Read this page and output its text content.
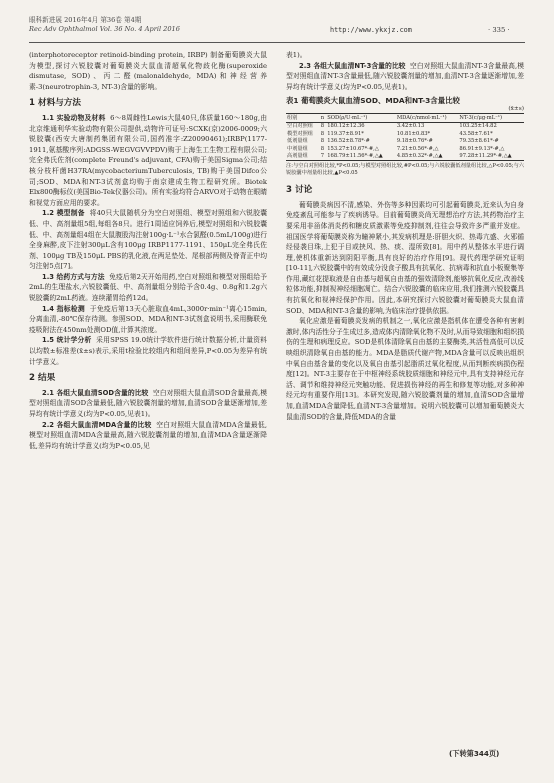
眼科新进展 2016年4月 第36卷 第4期
Rec Adv Ophthalmol Vol. 36 No. 4 April 2016	http://www.ykxjz.com	· 335 ·

(interphotoreceptor retinoid-binding protein, IRBP) 制备葡萄膜炎大鼠为模型,探讨六锐胶囊对葡萄膜炎大鼠血清超氧化物歧化酶(superoxide dismutase, SOD)、丙二醛(malonaldehyde, MDA)和神经营养素-3(neurotrophin-3, NT-3)含量的影响。

1 材料与方法

1.1 实验动物及材料 6～8周雌性Lewis大鼠40只,体质量160～180g,由北京维通利华实验动物有限公司提供,动物许可证号:SCXK(京)2006-0009;六锐胶囊(西安大唐制药集团有限公司,国药准字:Z20090461);IRBP(1177-1911,氨基酸序列:ADGSS-WEGVGVVPDV)购于上海生工生物工程有限公司;完全弗氏佐剂(complete Freund's adjuvant, CFA)购于美国Sigma公司;结核分枝杆菌H37RA(mycobacteriumTuberculosis, TB)购于美国Difco公司;SOD、MDA和NT-3试剂盒均购于南京建成生物工程研究所。Biotek Elx800酶标仪(美国Bio-Tek仪器公司)。所有实验均符合ARVO对于动物在眼睛和视觉方面应用的要求。

1.2 模型制备 将40只大鼠随机分为空白对照组、模型对照组和六锐胶囊低、中、高剂量组5组,每组各8只。进行1周适应饲养后,模型对照组和六锐胶囊低、中、高剂量组4组在大鼠腹股沟注射100g·L⁻¹水合氯醛(0.5mL/100g)进行全身麻醉,皮下注射300μL含有100μg IRBP1177-1191、150μL完全弗氏佐剂、100μg TB及150μL PBS的乳化液,在两足垫处、尾根部两侧及脊背正中均匀注射5点[7]。

1.3 给药方式与方法 免疫后第2天开始用药,空白对照组和模型对照组给予2mL的生理盐水,六锐胶囊低、中、高剂量组分别给予含0.4g、0.8g和1.2g六锐胶囊的2mL药液。连续灌胃给药12d。

1.4 指标检测 于免疫后第13天心脏取血4mL,3000r·min⁻¹离心15min,分离血清,-80℃保存待测。参照SOD、MDA和NT-3试剂盒说明书,采用酶联免疫吸附法在450nm处测OD值,计算其浓度。

1.5 统计学分析 采用SPSS 19.0统计学软件进行统计数据分析,计量资料以均数±标准差(x̄±s)表示,采用t检验比较组内和组间差异,P<0.05为差异有统计学意义。

2 结果

2.1 各组大鼠血清SOD含量的比较 空白对照组大鼠血清SOD含量最高,模型对照组血清SOD含量最低,随六锐胶囊剂量的增加,血清SOD含量逐渐增加,差异均有统计学意义(均为P<0.05,见表1)。

2.2 各组大鼠血清MDA含量的比较 空白对照组大鼠血清MDA含量最低,模型对照组血清MDA含量最高,随六锐胶囊剂量的增加,血清MDA含量逐渐降低,差异均有统计学意义(均为P<0.05,见

表1)。

2.3 各组大鼠血清NT-3含量的比较 空白对照组大鼠血清NT-3含量最高,模型对照组血清NT-3含量最低,随六锐胶囊剂量的增加,血清NT-3含量逐渐增加,差异均有统计学意义(均为P<0.05,见表1)。

表1 葡萄膜炎大鼠血清SOD、MDA和NT-3含量比较
(x̄±s)
组别	n	SOD(ρ/U·mL⁻¹)	MDA(c/nmol·mL⁻¹)	NT-3(c/μg·mL⁻¹)
空白对照组	8	180.12±12.36	3.42±0.13	103.25±14.82
模型对照组	8	119.37±8.91*	10.81±0.83*	43.58±7.61*
低剂量组	8	136.52±8.78*·#	9.18±0.76*·#	79.35±8.61*·#
中剂量组	8	153.27±10.67*·#,△	7.21±0.56*·#,△	86.91±9.13*·#,△
高剂量组	7	168.79±11.56*·#,△▲	4.85±0.32*·#,△▲	97.28±11.29*·#,△▲
注:与空白对照组比较,*P<0.05;与模型对照组比较,#P<0.05;与六锐胶囊低剂量组比较,△P<0.05;与六锐胶囊中剂量组比较,▲P<0.05
3 讨论

葡萄膜炎病因不清,感染、外伤等多种因素均可引起葡萄膜炎,近来认为自身免疫紊乱可能参与了疾病诱导。目前葡萄膜炎尚无理想治疗方法,其药物治疗主要采用非甾体消炎药和糖皮质激素等免疫抑制剂,往往会导致许多严重并发症。祖国医学将葡萄膜炎称为瞳神紧小,其发病机理是:肝胆火炽、热毒亢盛、火邪循经侵袭目珠,上犯于目或挟风、热、痰、湿所致[8]。用中药从整体水平进行调理,使机体重新达到阴阳平衡,具有良好的治疗作用[9]。现代药理学研究证明[10-11],六锐胶囊中的有效成分没食子酸具有抗氧化、抗病毒和抗血小板聚集等作用,藏红花提取液是自由基与超氧自由基的强效清除剂,能够抗氧化反应,改善线粒体功能,抑制视神经细胞凋亡。结合六锐胶囊的临床应用,我们推测六锐胶囊具有抗氧化和视神经保护作用。因此,本研究探讨六锐胶囊对葡萄膜炎大鼠血清SOD、MDA和NT-3含量的影响,为临床治疗提供依据。

氧化应激是葡萄膜炎发病的机制之一,氧化应激是指机体在遭受各种有害刺激时,体内活性分子生成过多,造成体内清除氧化物不及时,从而导致细胞和组织损伤的生理和病理反应。SOD是机体清除氧自由基的主要酶类,其活性高低可以反映组织清除氧自由基的能力。MDA是脂质代谢产物,MDA含量可以反映出组织中氧自由基含量的变化以及氧自由基引起脂质过氧化程度,从而判断疾病损伤程度[12]。NT-3主要存在于中枢神经系统胶质细胞和神经元中,具有支持神经元存活、调节和维持神经元突触功能、促进损伤神经的再生和修复等功能,对多种神经元均有重要作用[13]。本研究发现,随六锐胶囊剂量的增加,血清SOD含量增加,血清MDA含量降低,血清NT-3含量增加。说明六锐胶囊可以增加葡萄膜炎大鼠血清SOD的含量,降低MDA的含量

(下转第344页)
